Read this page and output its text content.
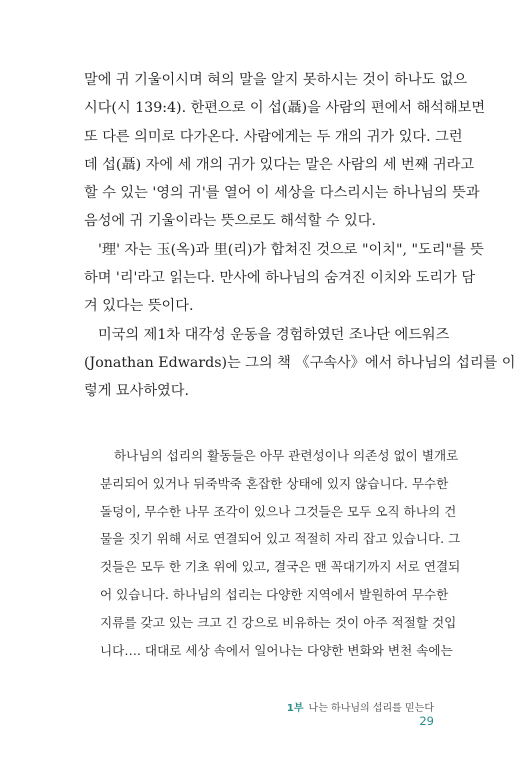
말에 귀 기울이시며 혀의 말을 알지 못하시는 것이 하나도 없으
시다(시 139:4). 한편으로 이 섭(聶)을 사람의 편에서 해석해보면
또 다른 의미로 다가온다. 사람에게는 두 개의 귀가 있다. 그런
데 섭(聶) 자에 세 개의 귀가 있다는 말은 사람의 세 번째 귀라고
할 수 있는 '영의 귀'를 열어 이 세상을 다스리시는 하나님의 뜻과
음성에 귀 기울이라는 뜻으로도 해석할 수 있다.
'理' 자는 玉(옥)과 里(리)가 합쳐진 것으로 "이치", "도리"를 뜻
하며 '리'라고 읽는다. 만사에 하나님의 숨겨진 이치와 도리가 담
겨 있다는 뜻이다.
미국의 제1차 대각성 운동을 경험하였던 조나단 에드워즈
(Jonathan Edwards)는 그의 책 《구속사》에서 하나님의 섭리를 이
렇게 묘사하였다.
하나님의 섭리의 활동들은 아무 관련성이나 의존성 없이 별개로
분리되어 있거나 뒤죽박죽 혼잡한 상태에 있지 않습니다. 무수한
돌덩이, 무수한 나무 조각이 있으나 그것들은 모두 오직 하나의 건
물을 짓기 위해 서로 연결되어 있고 적절히 자리 잡고 있습니다. 그
것들은 모두 한 기초 위에 있고, 결국은 맨 꼭대기까지 서로 연결되
어 있습니다. 하나님의 섭리는 다양한 지역에서 발원하여 무수한
지류를 갖고 있는 크고 긴 강으로 비유하는 것이 아주 적절할 것입
니다…. 대대로 세상 속에서 일어나는 다양한 변화와 변천 속에는
1부 나는 하나님의 섭리를 믿는다29
